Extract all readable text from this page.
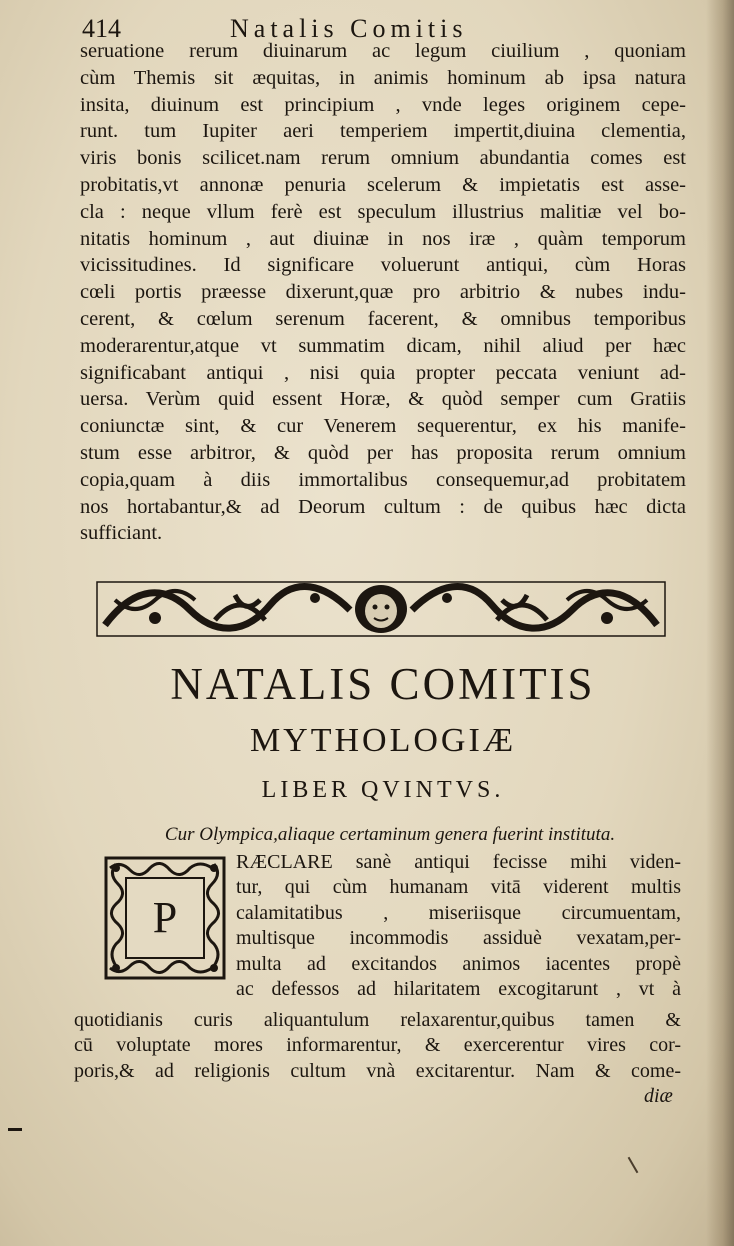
414	Natalis Comitis
seruatione rerum diuinarum ac legum ciuilium , quoniam
cùm Themis sit æquitas, in animis hominum ab ipsa natura
insita, diuinum est principium , vnde leges originem cepe-
runt. tum Iupiter aeri temperiem impertit,diuina clementia,
viris bonis scilicet.nam rerum omnium abundantia comes est
probitatis,vt annonæ penuria scelerum & impietatis est asse-
cla : neque vllum ferè est speculum illustrius malitiæ vel bo-
nitatis hominum , aut diuinæ in nos iræ , quàm temporum
vicissitudines. Id significare voluerunt antiqui, cùm Horas
cœli portis præesse dixerunt,quæ pro arbitrio & nubes indu-
cerent, & cœlum serenum facerent, & omnibus temporibus
moderarentur,atque vt summatim dicam, nihil aliud per hæc
significabant antiqui , nisi quia propter peccata veniunt ad-
uersa. Verùm quid essent Horæ, & quòd semper cum Gratiis
coniunctæ sint, & cur Venerem sequerentur, ex his manife-
stum esse arbitror, & quòd per has proposita rerum omnium
copia,quam à diis immortalibus consequemur,ad probitatem
nos hortabantur,& ad Deorum cultum : de quibus hæc dicta
sufficiant.
NATALIS COMITIS
MYTHOLOGIÆ
LIBER QVINTVS.
Cur Olympica,aliaque certaminum genera fuerint instituta.
P
RÆCLARE sanè antiqui fecisse mihi viden-
tur, qui cùm humanam vitā viderent multis
calamitatibus , miseriisque circumuentam,
multisque incommodis assiduè vexatam,per-
multa ad excitandos animos iacentes propè
ac defessos ad hilaritatem excogitarunt , vt à
quotidianis curis aliquantulum relaxarentur,quibus tamen &
cū voluptate mores informarentur, & exercerentur vires cor-
poris,& ad religionis cultum vnà excitarentur. Nam & come-
diæ
